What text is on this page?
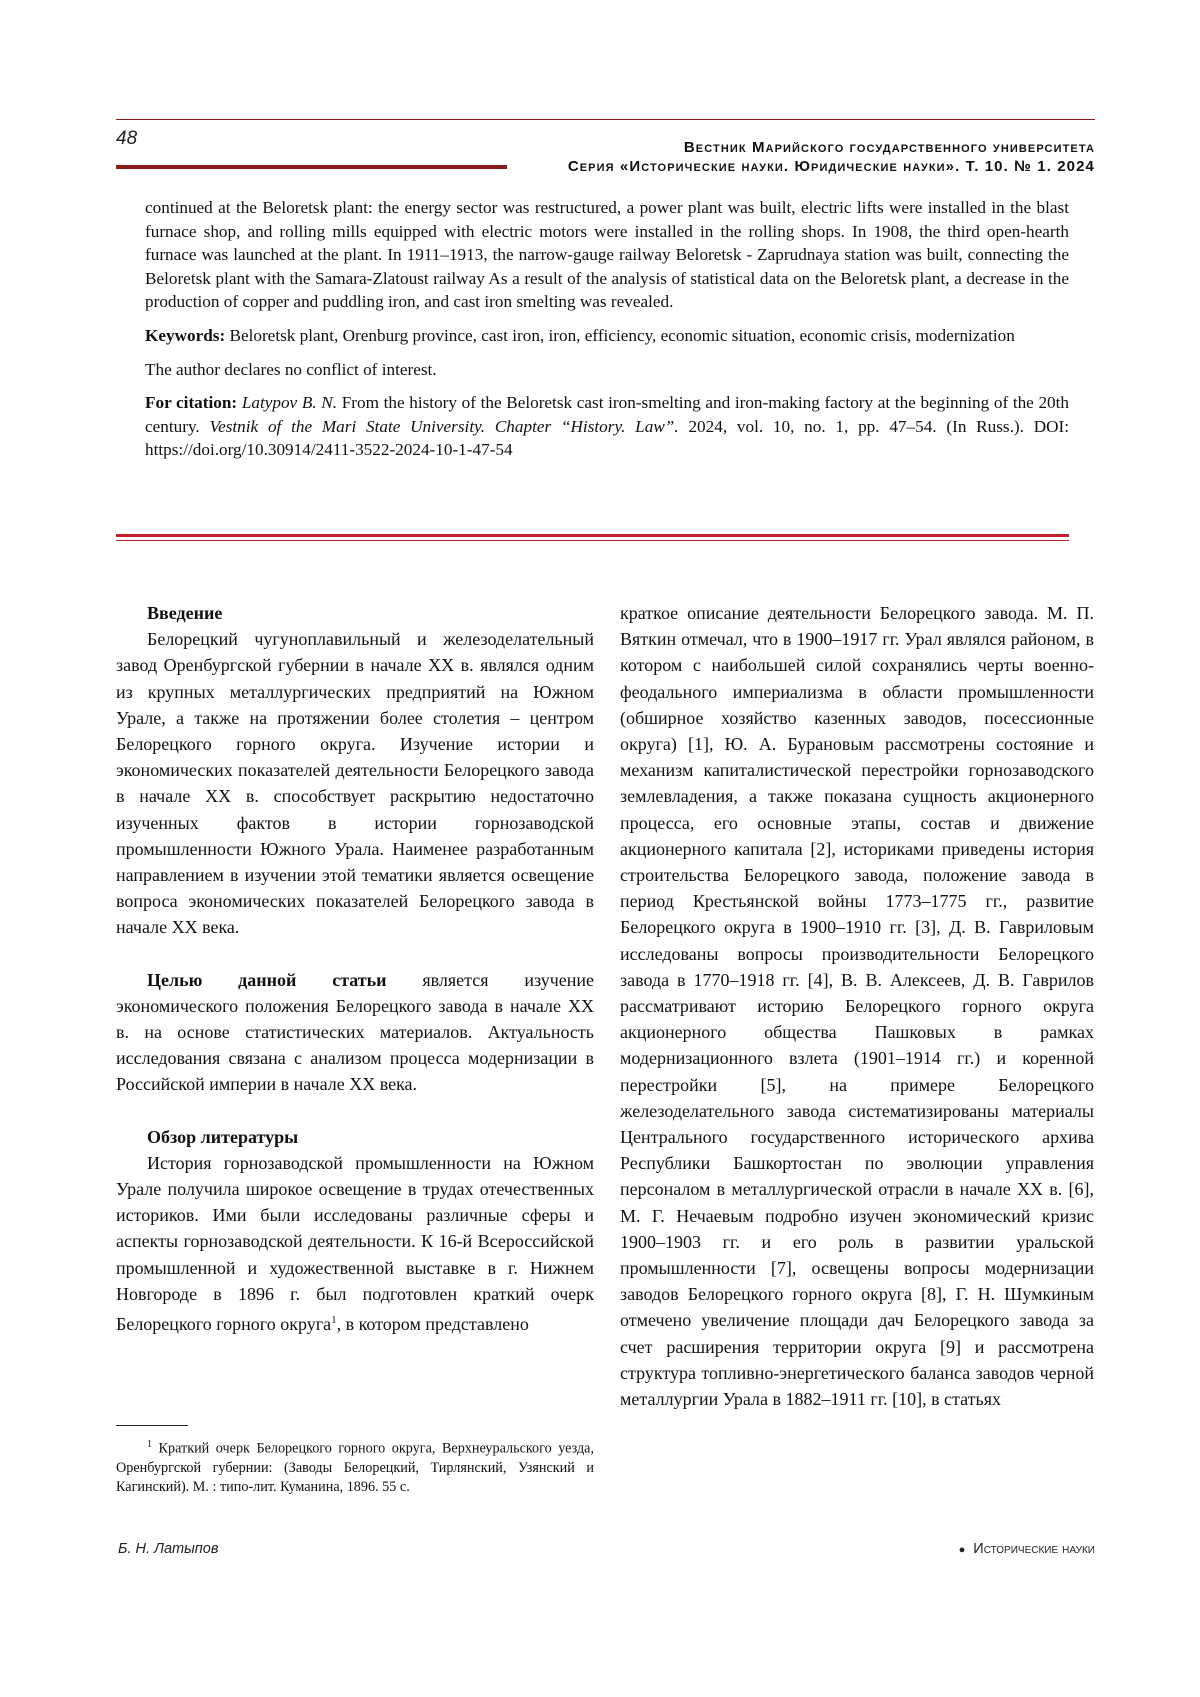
48	Вестник Марийского государственного университета
Серия «Исторические науки. Юридические науки». Т. 10. № 1. 2024

continued at the Beloretsk plant: the energy sector was restructured, a power plant was built, electric lifts were installed in the blast furnace shop, and rolling mills equipped with electric motors were installed in the rolling shops. In 1908, the third open-hearth furnace was launched at the plant. In 1911–1913, the narrow-gauge railway Beloretsk - Zaprudnaya station was built, connecting the Beloretsk plant with the Samara-Zlatoust railway As a result of the analysis of statistical data on the Beloretsk plant, a decrease in the production of copper and puddling iron, and cast iron smelting was revealed.

Keywords: Beloretsk plant, Orenburg province, cast iron, iron, efficiency, economic situation, economic crisis, modernization

The author declares no conflict of interest.

For citation: Latypov B. N. From the history of the Beloretsk cast iron-smelting and iron-making factory at the beginning of the 20th century. Vestnik of the Mari State University. Chapter “History. Law”. 2024, vol. 10, no. 1, pp. 47–54. (In Russ.). DOI: https://doi.org/10.30914/2411-3522-2024-10-1-47-54

Введение

Белорецкий чугуноплавильный и железоделательный завод Оренбургской губернии в начале XX в. являлся одним из крупных металлургических предприятий на Южном Урале, а также на протяжении более столетия – центром Белорецкого горного округа. Изучение истории и экономических показателей деятельности Белорецкого завода в начале XX в. способствует раскрытию недостаточно изученных фактов в истории горнозаводской промышленности Южного Урала. Наименее разработанным направлением в изучении этой тематики является освещение вопроса экономических показателей Белорецкого завода в начале XX века.

Целью данной статьи является изучение экономического положения Белорецкого завода в начале XX в. на основе статистических материалов. Актуальность исследования связана с анализом процесса модернизации в Российской империи в начале XX века.

Обзор литературы

История горнозаводской промышленности на Южном Урале получила широкое освещение в трудах отечественных историков. Ими были исследованы различные сферы и аспекты горнозаводской деятельности. К 16-й Всероссийской промышленной и художественной выставке в г. Нижнем Новгороде в 1896 г. был подготовлен краткий очерк Белорецкого горного округа$^1$, в котором представлено

$^1$ Краткий очерк Белорецкого горного округа, Верхнеуральского уезда, Оренбургской губернии: (Заводы Белорецкий, Тирлянский, Узянский и Кагинский). М. : типо-лит. Куманина, 1896. 55 с.

краткое описание деятельности Белорецкого завода. М. П. Вяткин отмечал, что в 1900–1917 гг. Урал являлся районом, в котором с наибольшей силой сохранялись черты военно-феодального империализма в области промышленности (обширное хозяйство казенных заводов, посессионные округа) [1], Ю. А. Бурановым рассмотрены состояние и механизм капиталистической перестройки горнозаводского землевладения, а также показана сущность акционерного процесса, его основные этапы, состав и движение акционерного капитала [2], историками приведены история строительства Белорецкого завода, положение завода в период Крестьянской войны 1773–1775 гг., развитие Белорецкого округа в 1900–1910 гг. [3], Д. В. Гавриловым исследованы вопросы производительности Белорецкого завода в 1770–1918 гг. [4], В. В. Алексеев, Д. В. Гаврилов рассматривают историю Белорецкого горного округа акционерного общества Пашковых в рамках модернизационного взлета (1901–1914 гг.) и коренной перестройки [5], на примере Белорецкого железоделательного завода систематизированы материалы Центрального государственного исторического архива Республики Башкортостан по эволюции управления персоналом в металлургической отрасли в начале XX в. [6], М. Г. Нечаевым подробно изучен экономический кризис 1900–1903 гг. и его роль в развитии уральской промышленности [7], освещены вопросы модернизации заводов Белорецкого горного округа [8], Г. Н. Шумкиным отмечено увеличение площади дач Белорецкого завода за счет расширения территории округа [9] и рассмотрена структура топливно-энергетического баланса заводов черной металлургии Урала в 1882–1911 гг. [10], в статьях

Б. Н. Латыпов	● Исторические науки
